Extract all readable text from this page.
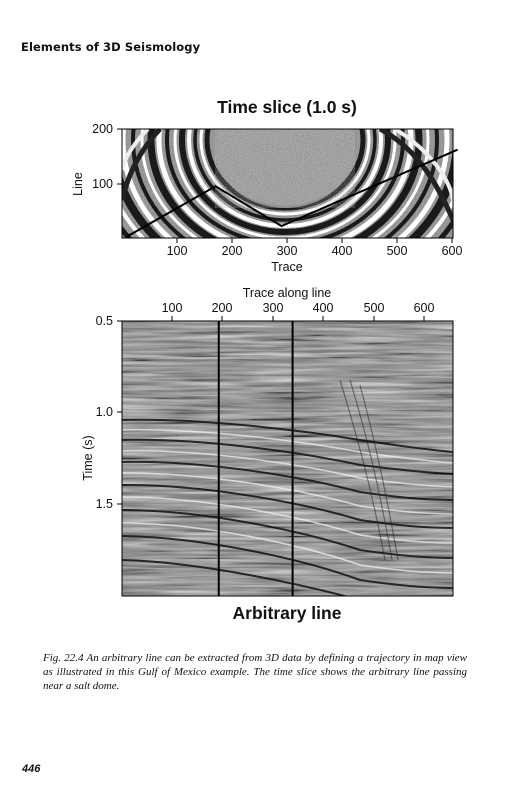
Elements of 3D Seismology
Time slice (1.0 s)
200
100
Line
100	200	300	400	500	600
Trace
Trace along line
100 200 300 400 500 600
0.5
1.0
1.5
Time (s)
Arbitrary line
Fig. 22.4 An arbitrary line can be extracted from 3D data by defining a trajectory in map view as illustrated in this Gulf of Mexico example. The time slice shows the arbitrary line passing near a salt dome.
446
